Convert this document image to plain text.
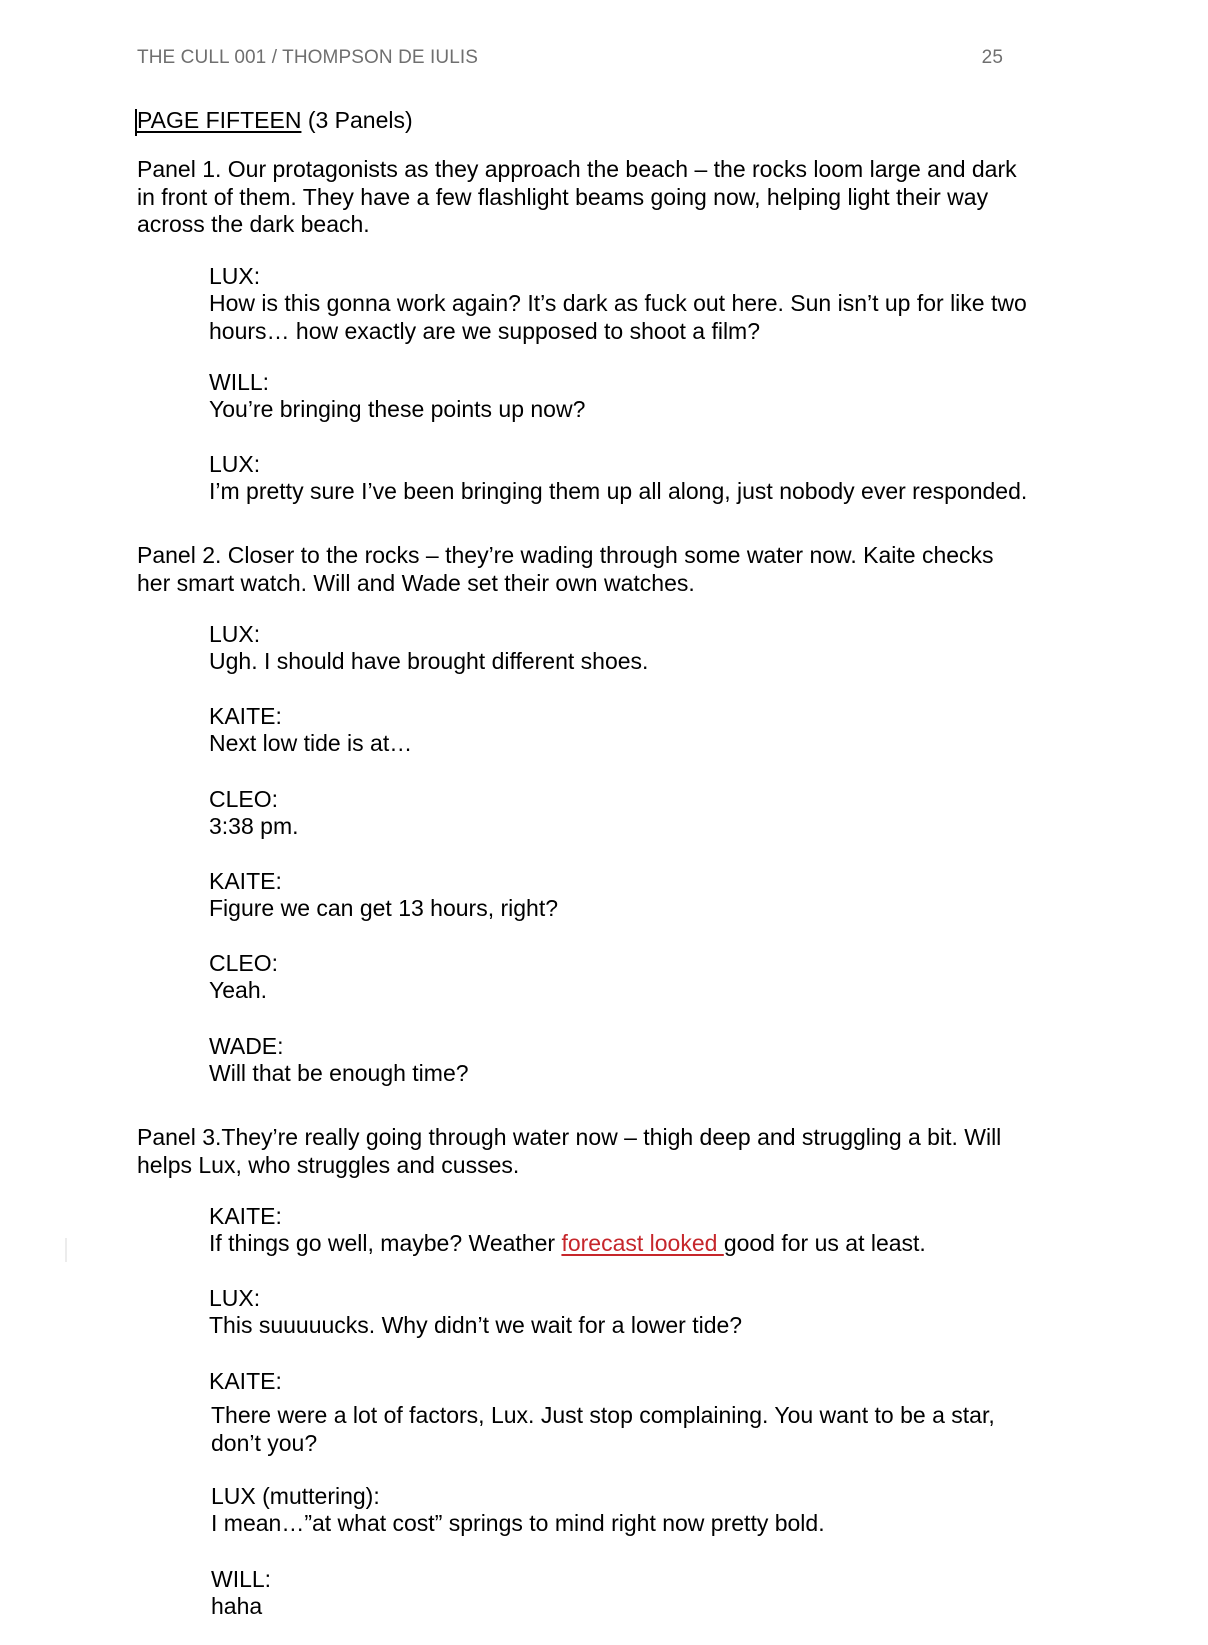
THE CULL 001 / THOMPSON DE IULIS	25
PAGE FIFTEEN (3 Panels)
Panel 1. Our protagonists as they approach the beach – the rocks loom large and dark
in front of them. They have a few flashlight beams going now, helping light their way
across the dark beach.
LUX:
How is this gonna work again? It’s dark as fuck out here. Sun isn’t up for like two
hours… how exactly are we supposed to shoot a film?
WILL:
You’re bringing these points up now?
LUX:
I’m pretty sure I’ve been bringing them up all along, just nobody ever responded.
Panel 2. Closer to the rocks – they’re wading through some water now. Kaite checks
her smart watch. Will and Wade set their own watches.
LUX:
Ugh. I should have brought different shoes.
KAITE:
Next low tide is at…
CLEO:
3:38 pm.
KAITE:
Figure we can get 13 hours, right?
CLEO:
Yeah.
WADE:
Will that be enough time?
Panel 3.They’re really going through water now – thigh deep and struggling a bit. Will
helps Lux, who struggles and cusses.
KAITE:
If things go well, maybe? Weather forecast looked good for us at least.
LUX:
This suuuuucks. Why didn’t we wait for a lower tide?
KAITE:
There were a lot of factors, Lux. Just stop complaining. You want to be a star,
don’t you?
LUX (muttering):
I mean…”at what cost” springs to mind right now pretty bold.
WILL:
haha
